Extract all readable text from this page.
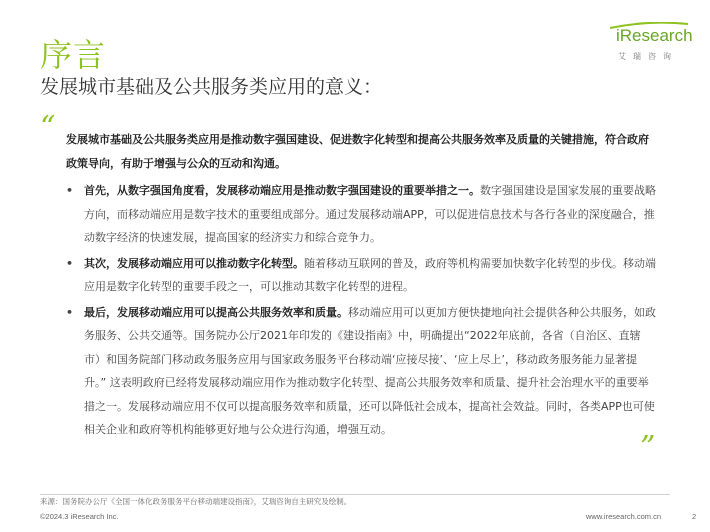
序言
发展城市基础及公共服务类应用的意义：
iResearch
艾瑞咨询
“ 发展城市基础及公共服务类应用是推动数字强国建设、促进数字化转型和提高公共服务效率及质量的关键措施，符合政府政策导向，有助于增强与公众的互动和沟通。

• 首先，从数字强国角度看，发展移动端应用是推动数字强国建设的重要举措之一。数字强国建设是国家发展的重要战略方向，而移动端应用是数字技术的重要组成部分。通过发展移动端APP，可以促进信息技术与各行各业的深度融合，推动数字经济的快速发展，提高国家的经济实力和综合竞争力。

• 其次，发展移动端应用可以推动数字化转型。随着移动互联网的普及，政府等机构需要加快数字化转型的步伐。移动端应用是数字化转型的重要手段之一，可以推动其数字化转型的进程。

• 最后，发展移动端应用可以提高公共服务效率和质量。移动端应用可以更加方便快捷地向社会提供各种公共服务，如政务服务、公共交通等。国务院办公厅2021年印发的《建设指南》中，明确提出“2022年底前，各省（自治区、直辖市）和国务院部门移动政务服务应用与国家政务服务平台移动端‘应接尽接’、‘应上尽上’，移动政务服务能力显著提升。” 这表明政府已经将发展移动端应用作为推动数字化转型、提高公共服务效率和质量、提升社会治理水平的重要举措之一。发展移动端应用不仅可以提高服务效率和质量，还可以降低社会成本，提高社会效益。同时，各类APP也可使相关企业和政府等机构能够更好地与公众进行沟通，增强互动。

”
来源：国务院办公厅《全国一体化政务服务平台移动端建设指南》，艾瑞咨询自主研究及绘制。
©2024.3 iResearch Inc.	www.iresearch.com.cn	2
